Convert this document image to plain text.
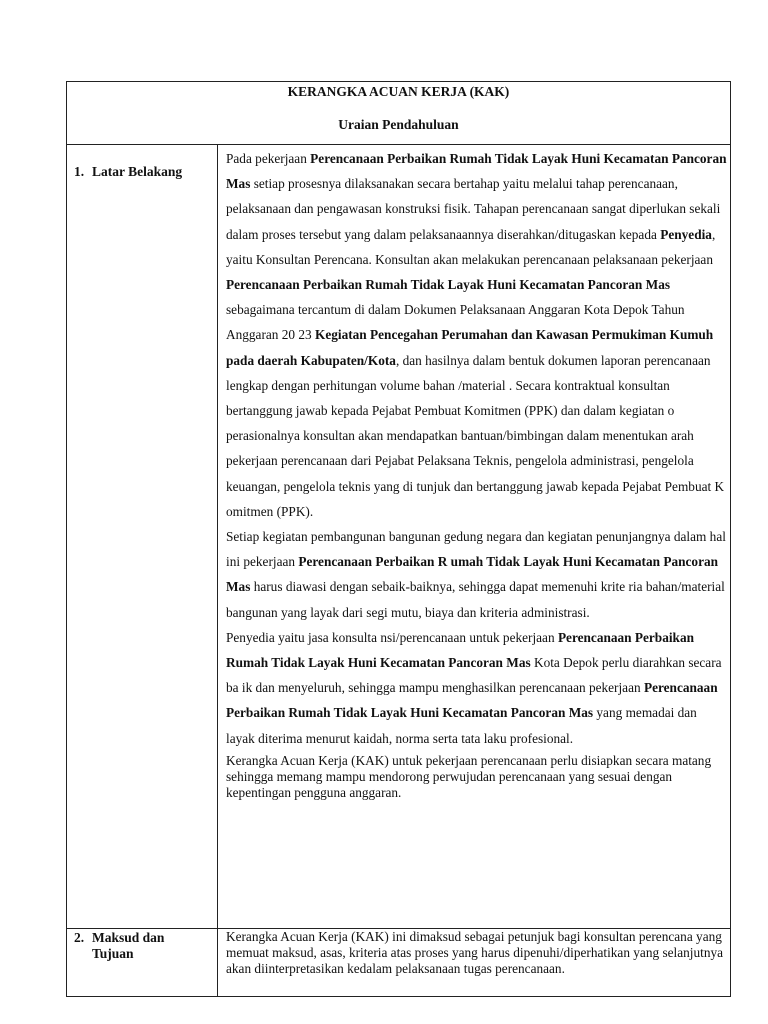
KERANGKA ACUAN KERJA (KAK)
Uraian Pendahuluan
1. Latar Belakang

Pada pekerjaan Perencanaan Perbaikan Rumah Tidak Layak Huni Kecamatan Pancoran Mas setiap prosesnya dilaksanakan secara bertahap yaitu melalui tahap perencanaan, pelaksanaan dan pengawasan konstruksi fisik. Tahapan perencanaan sangat diperlukan sekali dalam proses tersebut yang dalam pelaksanaannya diserahkan/ditugaskan kepada Penyedia, yaitu Konsultan Perencana. Konsultan akan melakukan perencanaan pelaksanaan pekerjaan Perencanaan Perbaikan Rumah Tidak Layak Huni Kecamatan Pancoran Mas sebagaimana tercantum di dalam Dokumen Pelaksanaan Anggaran Kota Depok Tahun Anggaran 20 23 Kegiatan Pencegahan Perumahan dan Kawasan Permukiman Kumuh pada daerah Kabupaten/Kota, dan hasilnya dalam bentuk dokumen laporan perencanaan lengkap dengan perhitungan volume bahan /material . Secara kontraktual konsultan bertanggung jawab kepada Pejabat Pembuat Komitmen (PPK) dan dalam kegiatan o perasionalnya konsultan akan mendapatkan bantuan/bimbingan dalam menentukan arah pekerjaan perencanaan dari Pejabat Pelaksana Teknis, pengelola administrasi, pengelola keuangan, pengelola teknis yang di tunjuk dan bertanggung jawab kepada Pejabat Pembuat K omitmen (PPK).

Setiap kegiatan pembangunan bangunan gedung negara dan kegiatan penunjangnya dalam hal ini pekerjaan Perencanaan Perbaikan R umah Tidak Layak Huni Kecamatan Pancoran Mas harus diawasi dengan sebaik-baiknya, sehingga dapat memenuhi krite ria bahan/material bangunan yang layak dari segi mutu, biaya dan kriteria administrasi.

Penyedia yaitu jasa konsulta nsi/perencanaan untuk pekerjaan Perencanaan Perbaikan Rumah Tidak Layak Huni Kecamatan Pancoran Mas Kota Depok perlu diarahkan secara ba ik dan menyeluruh, sehingga mampu menghasilkan perencanaan pekerjaan Perencanaan Perbaikan Rumah Tidak Layak Huni Kecamatan Pancoran Mas yang memadai dan layak diterima menurut kaidah, norma serta tata laku profesional.

Kerangka Acuan Kerja (KAK) untuk pekerjaan perencanaan perlu disiapkan secara matang sehingga memang mampu mendorong perwujudan perencanaan yang sesuai dengan kepentingan pengguna anggaran.

2. Maksud dan
Tujuan
Kerangka Acuan Kerja (KAK) ini dimaksud sebagai petunjuk bagi konsultan perencana yang memuat maksud, asas, kriteria atas proses yang harus dipenuhi/diperhatikan yang selanjutnya akan diinterpretasikan kedalam pelaksanaan tugas perencanaan.
